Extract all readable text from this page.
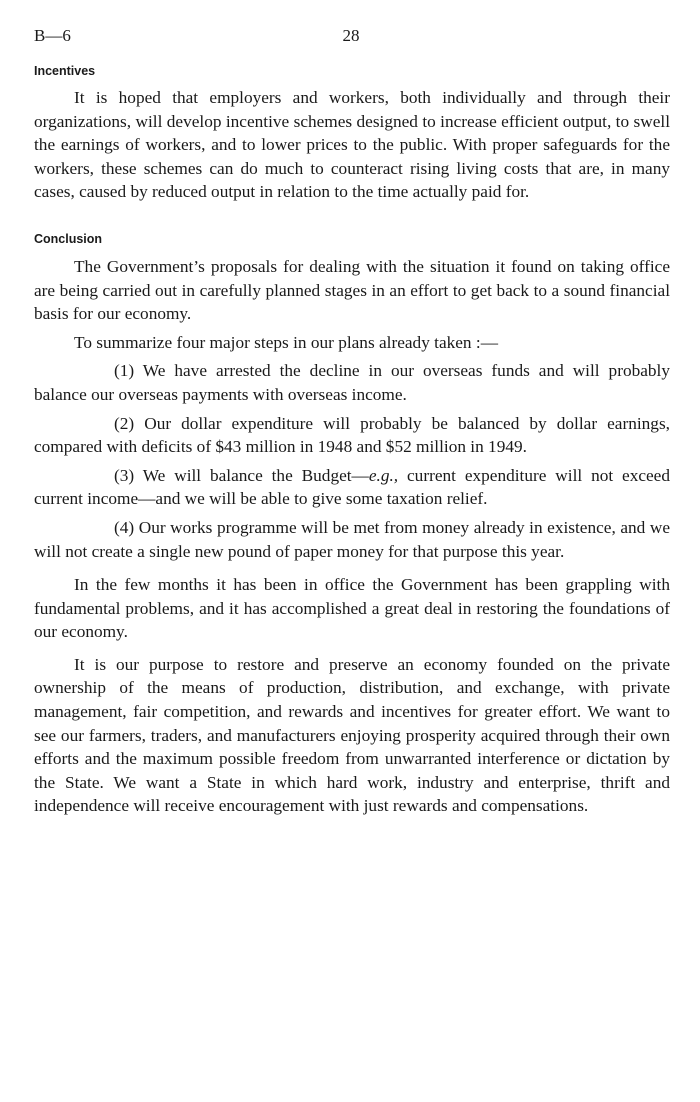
B—6	28
Incentives

It is hoped that employers and workers, both individually and through their organizations, will develop incentive schemes designed to increase efficient output, to swell the earnings of workers, and to lower prices to the public. With proper safeguards for the workers, these schemes can do much to counteract rising living costs that are, in many cases, caused by reduced output in relation to the time actually paid for.

Conclusion

The Government’s proposals for dealing with the situation it found on taking office are being carried out in carefully planned stages in an effort to get back to a sound financial basis for our economy.

To summarize four major steps in our plans already taken :—

(1) We have arrested the decline in our overseas funds and will probably balance our overseas payments with overseas income.

(2) Our dollar expenditure will probably be balanced by dollar earnings, compared with deficits of $43 million in 1948 and $52 million in 1949.

(3) We will balance the Budget—e.g., current expenditure will not exceed current income—and we will be able to give some taxation relief.

(4) Our works programme will be met from money already in existence, and we will not create a single new pound of paper money for that purpose this year.

In the few months it has been in office the Government has been grappling with fundamental problems, and it has accomplished a great deal in restoring the foundations of our economy.

It is our purpose to restore and preserve an economy founded on the private ownership of the means of production, distribution, and exchange, with private management, fair competition, and rewards and incentives for greater effort. We want to see our farmers, traders, and manufacturers enjoying prosperity acquired through their own efforts and the maximum possible freedom from unwarranted interference or dictation by the State. We want a State in which hard work, industry and enterprise, thrift and independence will receive encouragement with just rewards and compensations.
